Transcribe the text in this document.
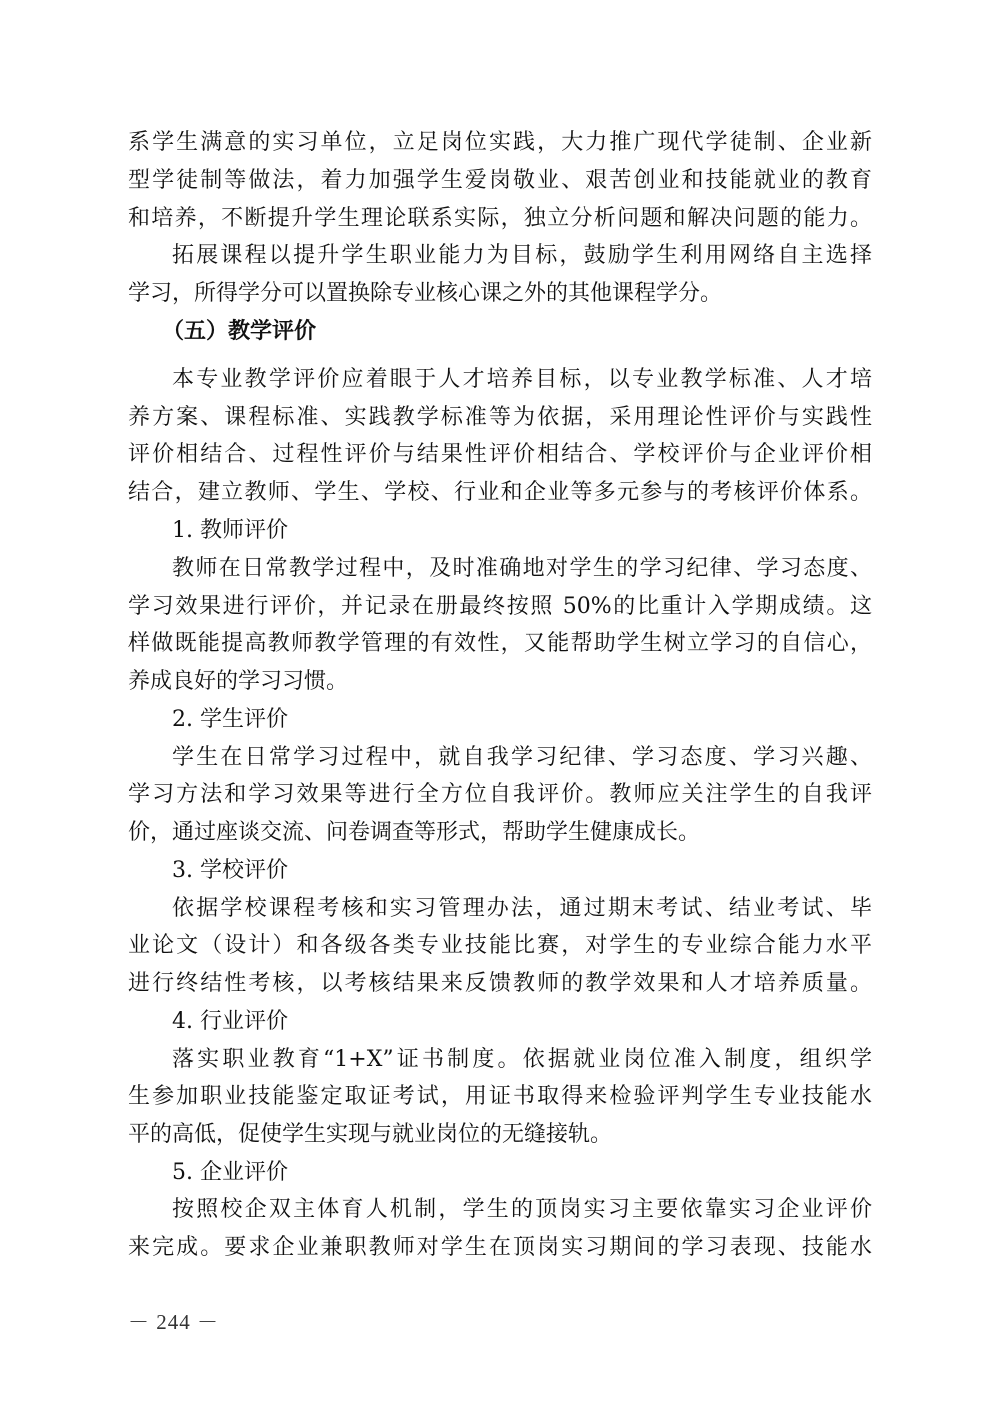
系学生满意的实习单位，立足岗位实践，大力推广现代学徒制、企业新
型学徒制等做法，着力加强学生爱岗敬业、艰苦创业和技能就业的教育
和培养，不断提升学生理论联系实际，独立分析问题和解决问题的能力。
拓展课程以提升学生职业能力为目标，鼓励学生利用网络自主选择
学习，所得学分可以置换除专业核心课之外的其他课程学分。
（五）教学评价
本专业教学评价应着眼于人才培养目标，以专业教学标准、人才培
养方案、课程标准、实践教学标准等为依据，采用理论性评价与实践性
评价相结合、过程性评价与结果性评价相结合、学校评价与企业评价相
结合，建立教师、学生、学校、行业和企业等多元参与的考核评价体系。
1. 教师评价
教师在日常教学过程中，及时准确地对学生的学习纪律、学习态度、
学习效果进行评价，并记录在册最终按照 50%的比重计入学期成绩。这
样做既能提高教师教学管理的有效性，又能帮助学生树立学习的自信心，
养成良好的学习习惯。
2. 学生评价
学生在日常学习过程中，就自我学习纪律、学习态度、学习兴趣、
学习方法和学习效果等进行全方位自我评价。教师应关注学生的自我评
价，通过座谈交流、问卷调查等形式，帮助学生健康成长。
3. 学校评价
依据学校课程考核和实习管理办法，通过期末考试、结业考试、毕
业论文（设计）和各级各类专业技能比赛，对学生的专业综合能力水平
进行终结性考核，以考核结果来反馈教师的教学效果和人才培养质量。
4. 行业评价
落实职业教育“1+X”证书制度。依据就业岗位准入制度，组织学
生参加职业技能鉴定取证考试，用证书取得来检验评判学生专业技能水
平的高低，促使学生实现与就业岗位的无缝接轨。
5. 企业评价
按照校企双主体育人机制，学生的顶岗实习主要依靠实习企业评价
来完成。要求企业兼职教师对学生在顶岗实习期间的学习表现、技能水
－ 244 －
